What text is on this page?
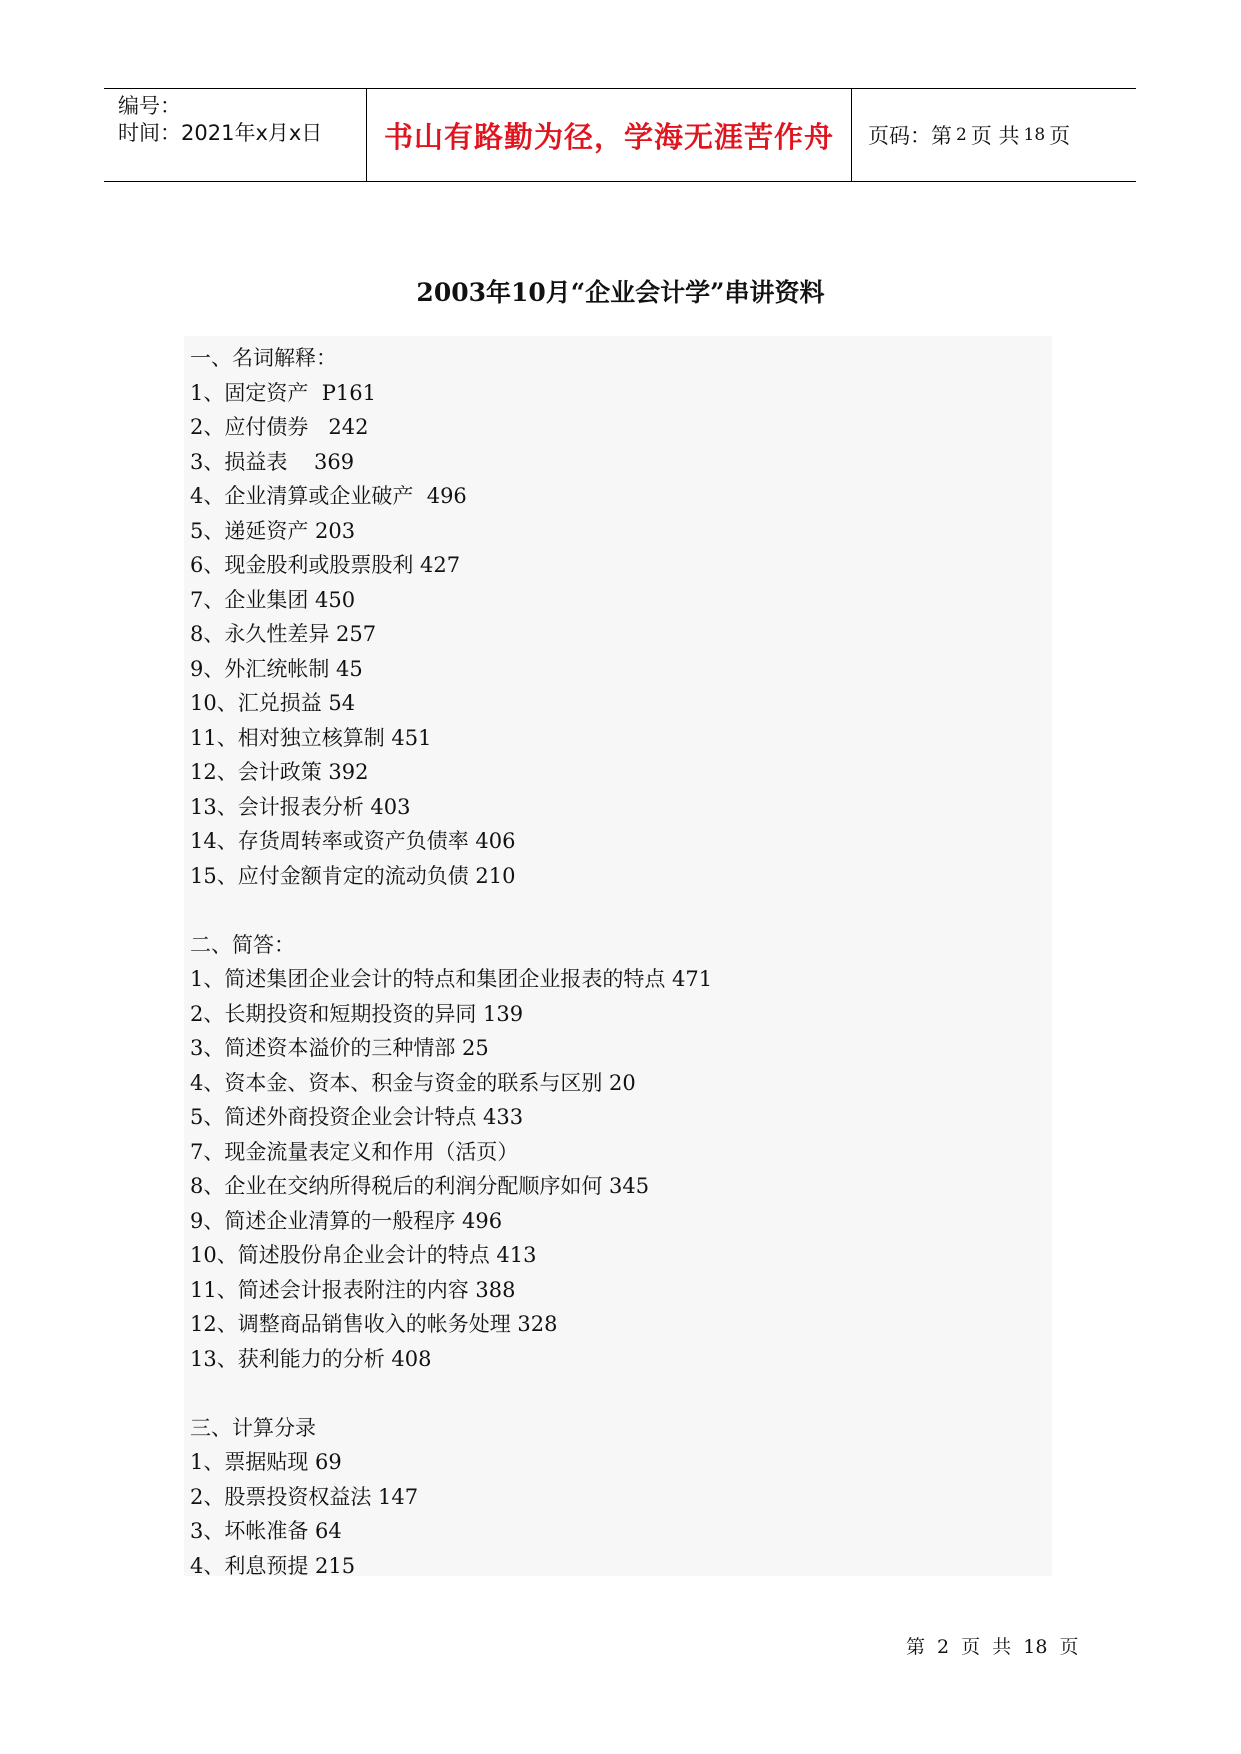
编号：
时间：2021年x月x日	书山有路勤为径，学海无涯苦作舟	页码：第 2 页 共 18 页
2003年10月“企业会计学”串讲资料
一、名词解释：
1、固定资产  P161
2、应付债券   242
3、损益表    369
4、企业清算或企业破产  496
5、递延资产 203
6、现金股利或股票股利 427
7、企业集团 450
8、永久性差异 257
9、外汇统帐制 45
10、汇兑损益 54
11、相对独立核算制 451
12、会计政策 392
13、会计报表分析 403
14、存货周转率或资产负债率 406
15、应付金额肯定的流动负债 210
二、简答：
1、简述集团企业会计的特点和集团企业报表的特点 471
2、长期投资和短期投资的异同 139
3、简述资本溢价的三种情部 25
4、资本金、资本、积金与资金的联系与区别 20
5、简述外商投资企业会计特点 433
7、现金流量表定义和作用（活页）
8、企业在交纳所得税后的利润分配顺序如何 345
9、简述企业清算的一般程序 496
10、简述股份帛企业会计的特点 413
11、简述会计报表附注的内容 388
12、调整商品销售收入的帐务处理 328
13、获利能力的分析 408
三、计算分录
1、票据贴现 69
2、股票投资权益法 147
3、坏帐准备 64
4、利息预提 215
第 2 页 共 18 页
